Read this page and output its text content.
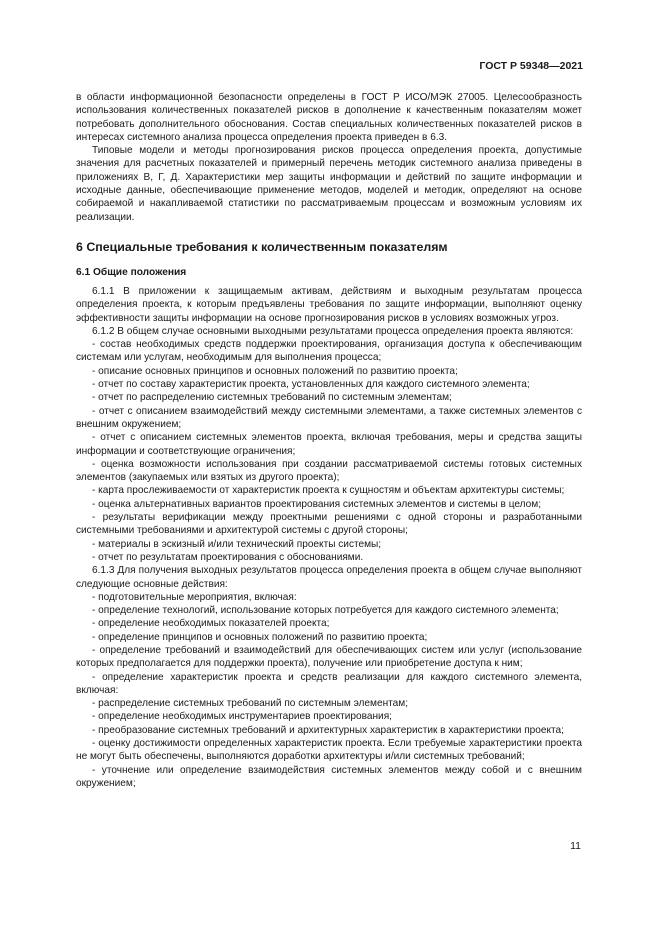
ГОСТ Р 59348—2021

в области информационной безопасности определены в ГОСТ Р ИСО/МЭК 27005. Целесообразность использования количественных показателей рисков в дополнение к качественным показателям может потребовать дополнительного обоснования. Состав специальных количественных показателей рисков в интересах системного анализа процесса определения проекта приведен в 6.3.

Типовые модели и методы прогнозирования рисков процесса определения проекта, допустимые значения для расчетных показателей и примерный перечень методик системного анализа приведены в приложениях В, Г, Д. Характеристики мер защиты информации и действий по защите информации и исходные данные, обеспечивающие применение методов, моделей и методик, определяют на основе собираемой и накапливаемой статистики по рассматриваемым процессам и возможным условиям их реализации.

6 Специальные требования к количественным показателям
6.1 Общие положения

6.1.1 В приложении к защищаемым активам, действиям и выходным результатам процесса определения проекта, к которым предъявлены требования по защите информации, выполняют оценку эффективности защиты информации на основе прогнозирования рисков в условиях возможных угроз.

6.1.2 В общем случае основными выходными результатами процесса определения проекта являются:

- состав необходимых средств поддержки проектирования, организация доступа к обеспечивающим системам или услугам, необходимым для выполнения процесса;

- описание основных принципов и основных положений по развитию проекта;

- отчет по составу характеристик проекта, установленных для каждого системного элемента;

- отчет по распределению системных требований по системным элементам;

- отчет с описанием взаимодействий между системными элементами, а также системных элементов с внешним окружением;

- отчет с описанием системных элементов проекта, включая требования, меры и средства защиты информации и соответствующие ограничения;

- оценка возможности использования при создании рассматриваемой системы готовых системных элементов (закупаемых или взятых из другого проекта);

- карта прослеживаемости от характеристик проекта к сущностям и объектам архитектуры системы;

- оценка альтернативных вариантов проектирования системных элементов и системы в целом;

- результаты верификации между проектными решениями с одной стороны и разработанными системными требованиями и архитектурой системы с другой стороны;

- материалы в эскизный и/или технический проекты системы;

- отчет по результатам проектирования с обоснованиями.

6.1.3 Для получения выходных результатов процесса определения проекта в общем случае выполняют следующие основные действия:

- подготовительные мероприятия, включая:

- определение технологий, использование которых потребуется для каждого системного элемента;

- определение необходимых показателей проекта;

- определение принципов и основных положений по развитию проекта;

- определение требований и взаимодействий для обеспечивающих систем или услуг (использование которых предполагается для поддержки проекта), получение или приобретение доступа к ним;

- определение характеристик проекта и средств реализации для каждого системного элемента, включая:

- распределение системных требований по системным элементам;

- определение необходимых инструментариев проектирования;

- преобразование системных требований и архитектурных характеристик в характеристики проекта;

- оценку достижимости определенных характеристик проекта. Если требуемые характеристики проекта не могут быть обеспечены, выполняются доработки архитектуры и/или системных требований;

- уточнение или определение взаимодействия системных элементов между собой и с внешним окружением;

11
